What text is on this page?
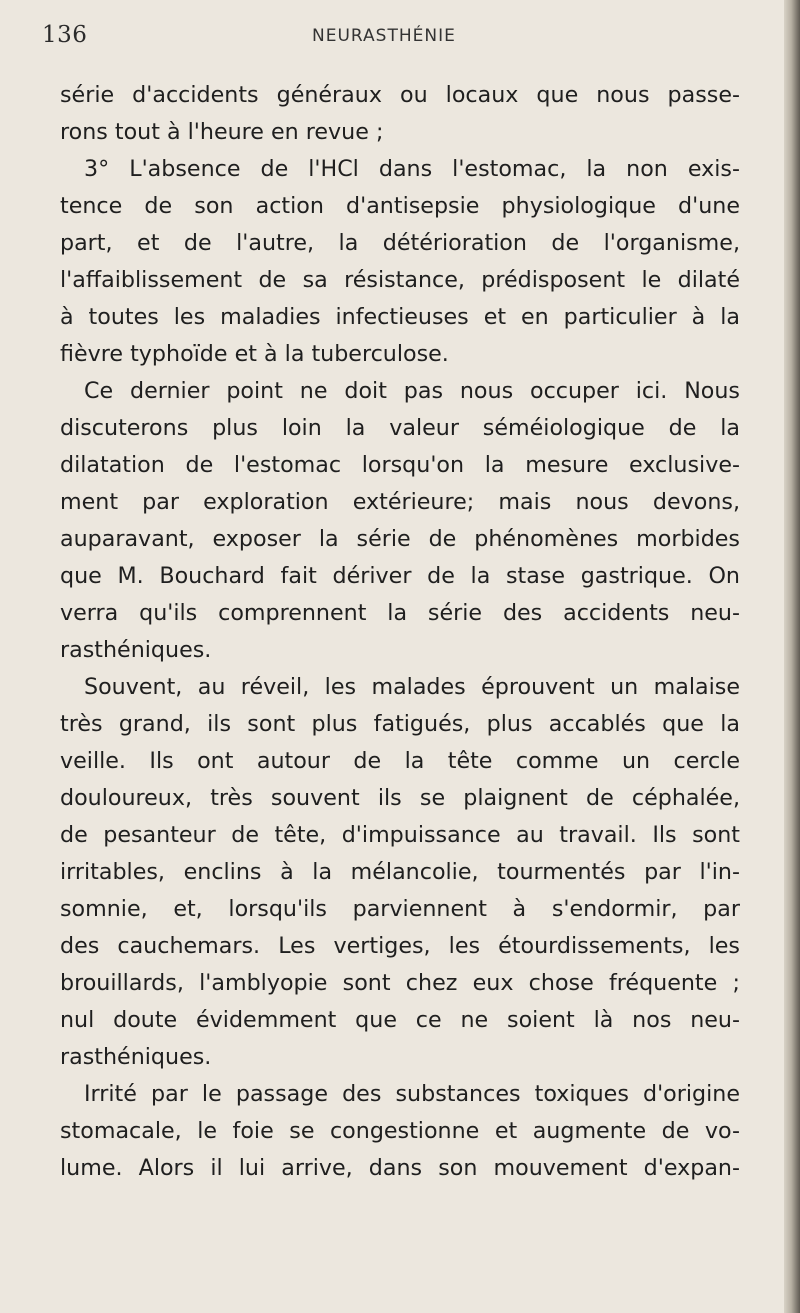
136	NEURASTHÉNIE
série d'accidents généraux ou locaux que nous passe-
rons tout à l'heure en revue ;
3° L'absence de l'HCl dans l'estomac, la non exis-
tence de son action d'antisepsie physiologique d'une
part, et de l'autre, la détérioration de l'organisme,
l'affaiblissement de sa résistance, prédisposent le dilaté
à toutes les maladies infectieuses et en particulier à la
fièvre typhoïde et à la tuberculose.
Ce dernier point ne doit pas nous occuper ici. Nous
discuterons plus loin la valeur séméiologique de la
dilatation de l'estomac lorsqu'on la mesure exclusive-
ment par exploration extérieure; mais nous devons,
auparavant, exposer la série de phénomènes morbides
que M. Bouchard fait dériver de la stase gastrique. On
verra qu'ils comprennent la série des accidents neu-
rasthéniques.
Souvent, au réveil, les malades éprouvent un malaise
très grand, ils sont plus fatigués, plus accablés que la
veille. Ils ont autour de la tête comme un cercle
douloureux, très souvent ils se plaignent de céphalée,
de pesanteur de tête, d'impuissance au travail. Ils sont
irritables, enclins à la mélancolie, tourmentés par l'in-
somnie, et, lorsqu'ils parviennent à s'endormir, par
des cauchemars. Les vertiges, les étourdissements, les
brouillards, l'amblyopie sont chez eux chose fréquente ;
nul doute évidemment que ce ne soient là nos neu-
rasthéniques.
Irrité par le passage des substances toxiques d'origine
stomacale, le foie se congestionne et augmente de vo-
lume. Alors il lui arrive, dans son mouvement d'expan-
